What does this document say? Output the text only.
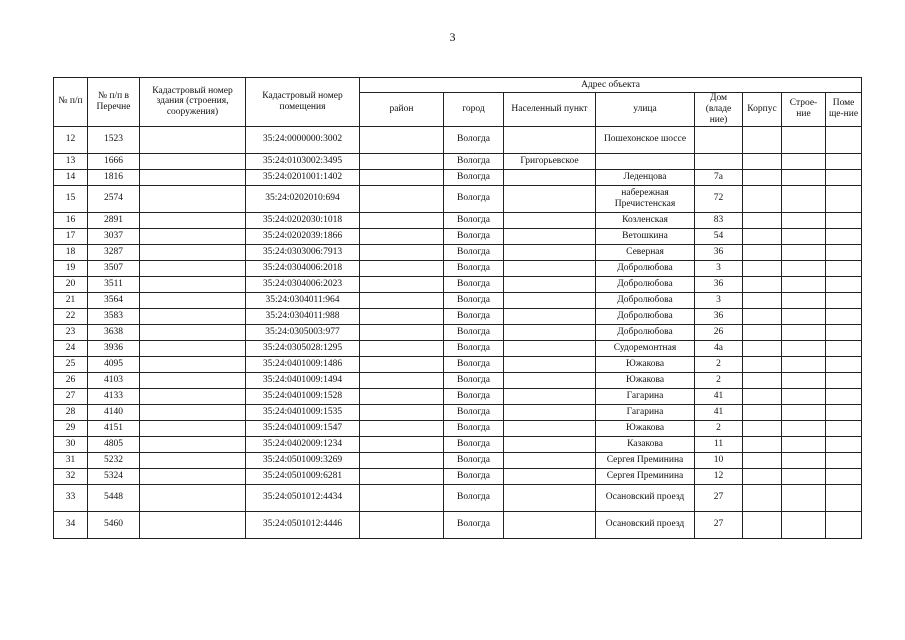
3
№ п/п	№ п/п в Перечне	Кадастровый номер здания (строения, сооружения)	Кадастровый номер помещения	Адрес объекта							
				район	город	Населенный пункт	улица	Дом (владе ние)	Корпус	Строе-ние	Поме ще-ние
12	1523		35:24:0000000:3002		Вологда		Пошехонское шоссе				
13	1666		35:24:0103002:3495		Вологда	Григорьевское					
14	1816		35:24:0201001:1402		Вологда		Леденцова	7а			
15	2574		35:24:0202010:694		Вологда		набережная Пречистенская	72			
16	2891		35:24:0202030:1018		Вологда		Козленская	83			
17	3037		35:24:0202039:1866		Вологда		Ветошкина	54			
18	3287		35:24:0303006:7913		Вологда		Северная	36			
19	3507		35:24:0304006:2018		Вологда		Добролюбова	3			
20	3511		35:24:0304006:2023		Вологда		Добролюбова	36			
21	3564		35:24:0304011:964		Вологда		Добролюбова	3			
22	3583		35:24:0304011:988		Вологда		Добролюбова	36			
23	3638		35:24:0305003:977		Вологда		Добролюбова	26			
24	3936		35:24:0305028:1295		Вологда		Судоремонтная	4а			
25	4095		35:24:0401009:1486		Вологда		Южакова	2			
26	4103		35:24:0401009:1494		Вологда		Южакова	2			
27	4133		35:24:0401009:1528		Вологда		Гагарина	41			
28	4140		35:24:0401009:1535		Вологда		Гагарина	41			
29	4151		35:24:0401009:1547		Вологда		Южакова	2			
30	4805		35:24:0402009:1234		Вологда		Казакова	11			
31	5232		35:24:0501009:3269		Вологда		Сергея Преминина	10			
32	5324		35:24:0501009:6281		Вологда		Сергея Преминина	12			
33	5448		35:24:0501012:4434		Вологда		Осановский проезд	27			
34	5460		35:24:0501012:4446		Вологда		Осановский проезд	27			
